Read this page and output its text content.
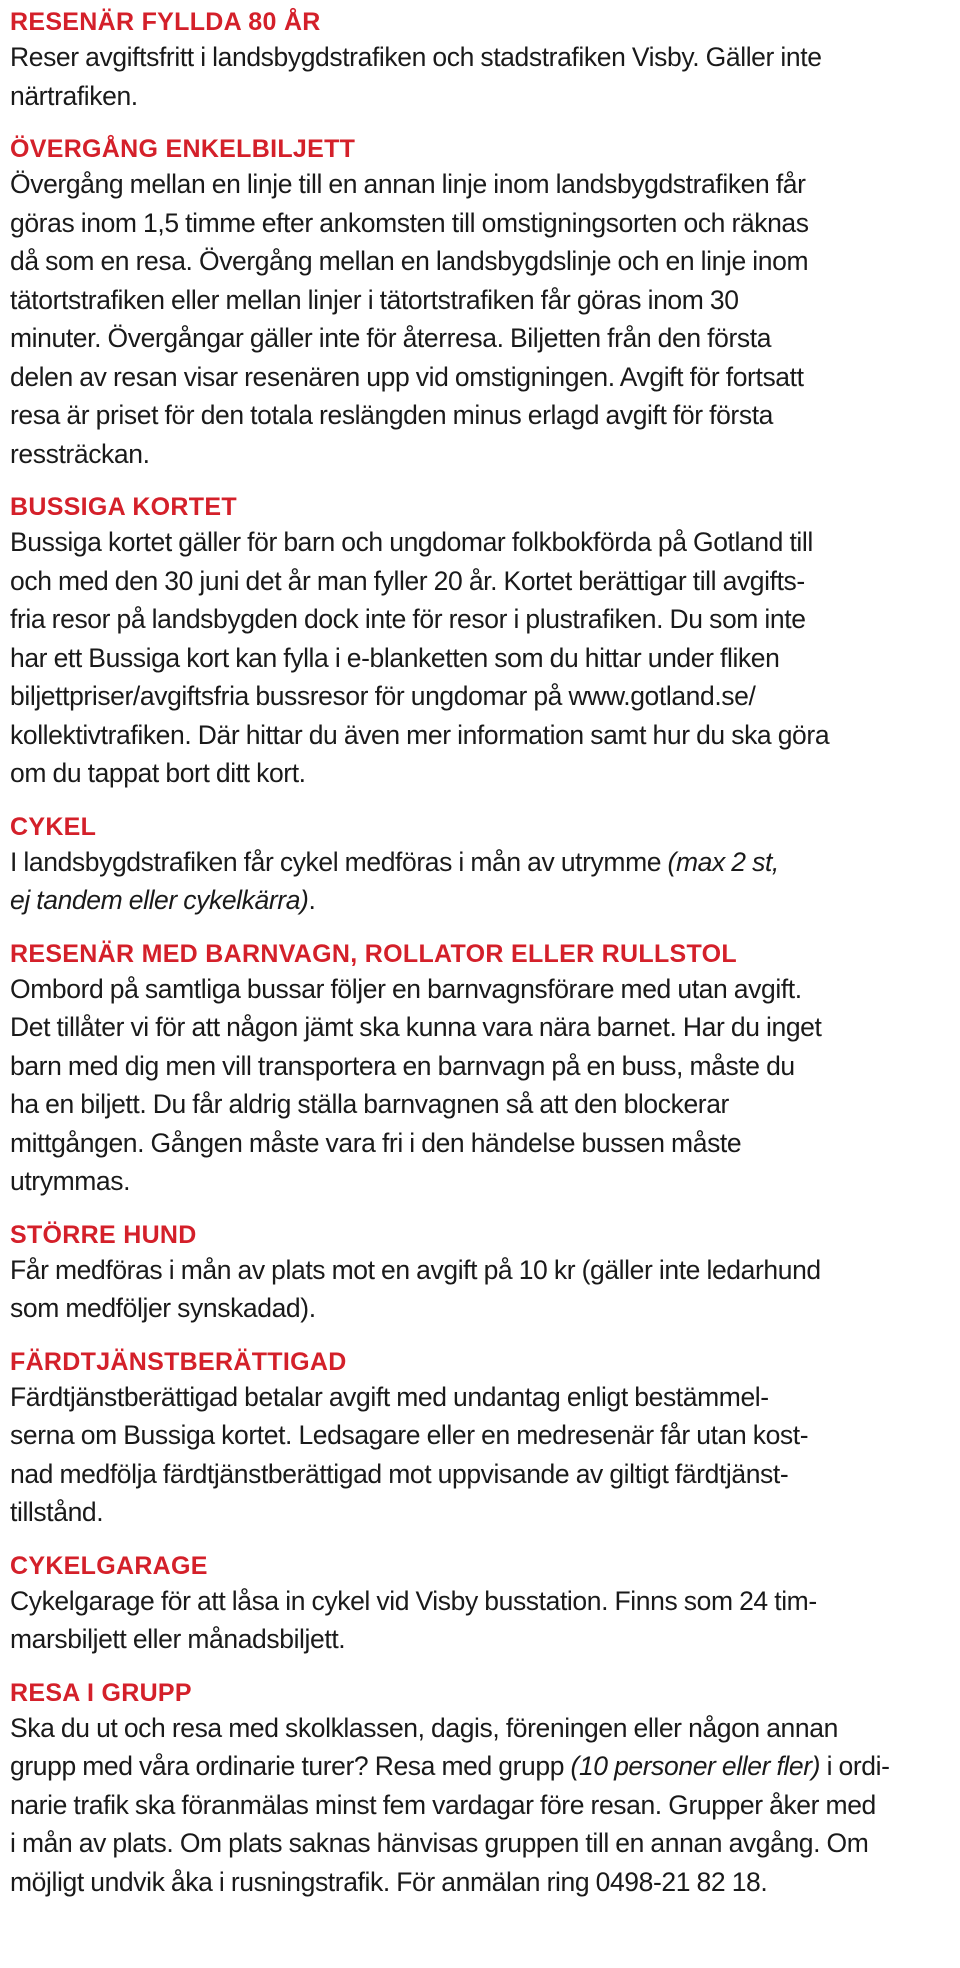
RESENÄR FYLLDA 80 ÅR

Reser avgiftsfritt i landsbygdstrafiken och stadstrafiken Visby. Gäller inte
närtrafiken.

ÖVERGÅNG ENKELBILJETT

Övergång mellan en linje till en annan linje inom landsbygdstrafiken får
göras inom 1,5 timme efter ankomsten till omstigningsorten och räknas
då som en resa. Övergång mellan en landsbygdslinje och en linje inom
tätortstrafiken eller mellan linjer i tätortstrafiken får göras inom 30
minuter. Övergångar gäller inte för återresa. Biljetten från den första
delen av resan visar resenären upp vid omstigningen. Avgift för fortsatt
resa är priset för den totala reslängden minus erlagd avgift för första
ressträckan.

BUSSIGA KORTET

Bussiga kortet gäller för barn och ungdomar folkbokförda på Gotland till
och med den 30 juni det år man fyller 20 år. Kortet berättigar till avgifts-
fria resor på landsbygden dock inte för resor i plustrafiken. Du som inte
har ett Bussiga kort kan fylla i e-blanketten som du hittar under fliken
biljettpriser/avgiftsfria bussresor för ungdomar på www.gotland.se/
kollektivtrafiken. Där hittar du även mer information samt hur du ska göra
om du tappat bort ditt kort.

CYKEL

I landsbygdstrafiken får cykel medföras i mån av utrymme (max 2 st,
ej tandem eller cykelkärra).

RESENÄR MED BARNVAGN, ROLLATOR ELLER RULLSTOL

Ombord på samtliga bussar följer en barnvagnsförare med utan avgift.
Det tillåter vi för att någon jämt ska kunna vara nära barnet. Har du inget
barn med dig men vill transportera en barnvagn på en buss, måste du
ha en biljett. Du får aldrig ställa barnvagnen så att den blockerar
mittgången. Gången måste vara fri i den händelse bussen måste
utrymmas.

STÖRRE HUND

Får medföras i mån av plats mot en avgift på 10 kr (gäller inte ledarhund
som medföljer synskadad).

FÄRDTJÄNSTBERÄTTIGAD

Färdtjänstberättigad betalar avgift med undantag enligt bestämmel-
serna om Bussiga kortet. Ledsagare eller en medresenär får utan kost-
nad medfölja färdtjänstberättigad mot uppvisande av giltigt färdtjänst-
tillstånd.

CYKELGARAGE

Cykelgarage för att låsa in cykel vid Visby busstation. Finns som 24 tim-
marsbiljett eller månadsbiljett.

RESA I GRUPP

Ska du ut och resa med skolklassen, dagis, föreningen eller någon annan
grupp med våra ordinarie turer? Resa med grupp (10 personer eller fler) i ordi-
narie trafik ska föranmälas minst fem vardagar före resan. Grupper åker med
i mån av plats. Om plats saknas hänvisas gruppen till en annan avgång. Om
möjligt undvik åka i rusningstrafik. För anmälan ring 0498-21 82 18.
